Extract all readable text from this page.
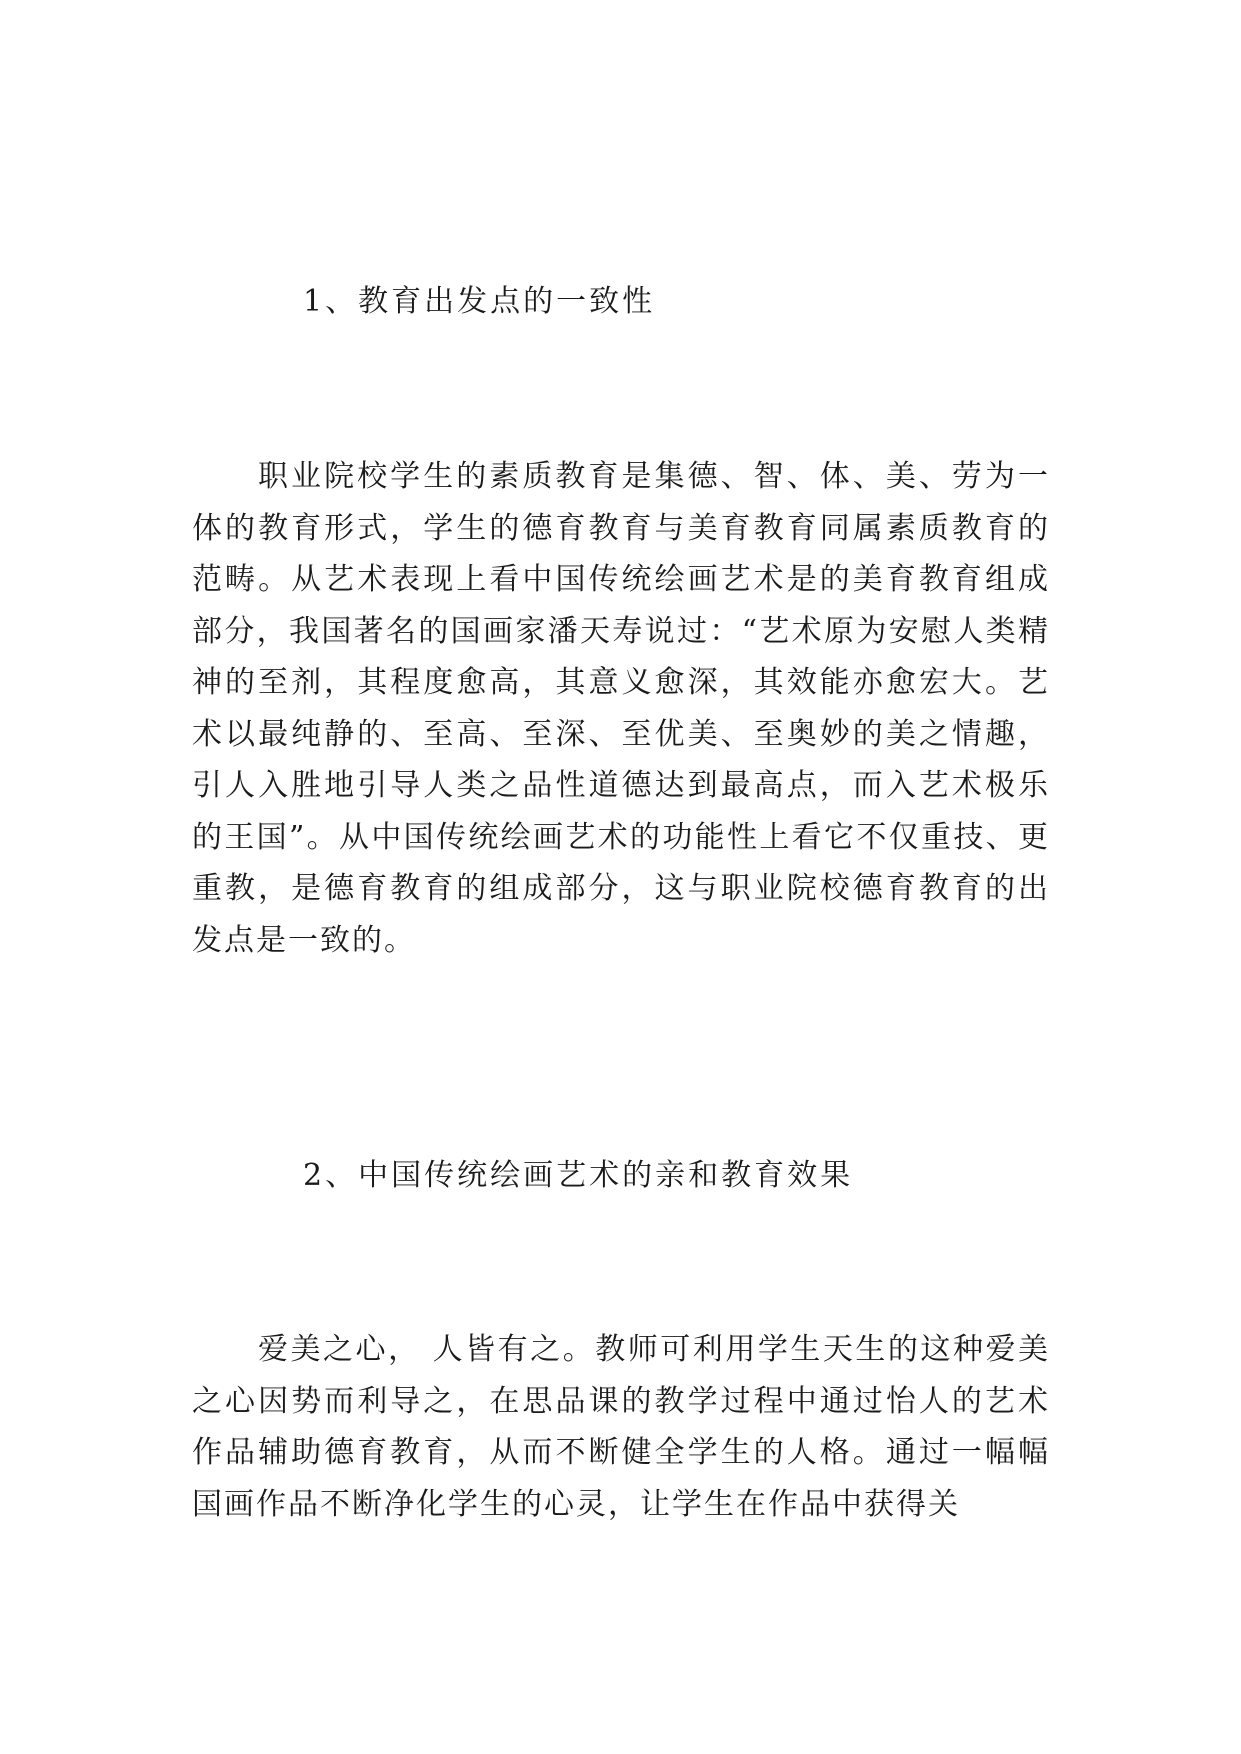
1、教育出发点的一致性

职业院校学生的素质教育是集德、智、体、美、劳为一体的教育形式，学生的德育教育与美育教育同属素质教育的范畴。从艺术表现上看中国传统绘画艺术是的美育教育组成部分，我国著名的国画家潘天寿说过：“艺术原为安慰人类精神的至剂，其程度愈高，其意义愈深，其效能亦愈宏大。艺术以最纯静的、至高、至深、至优美、至奥妙的美之情趣，引人入胜地引导人类之品性道德达到最高点，而入艺术极乐的王国”。从中国传统绘画艺术的功能性上看它不仅重技、更重教，是德育教育的组成部分，这与职业院校德育教育的出发点是一致的。

2、中国传统绘画艺术的亲和教育效果

爱美之心， 人皆有之。教师可利用学生天生的这种爱美之心因势而利导之，在思品课的教学过程中通过怡人的艺术作品辅助德育教育，从而不断健全学生的人格。通过一幅幅国画作品不断净化学生的心灵，让学生在作品中获得关
